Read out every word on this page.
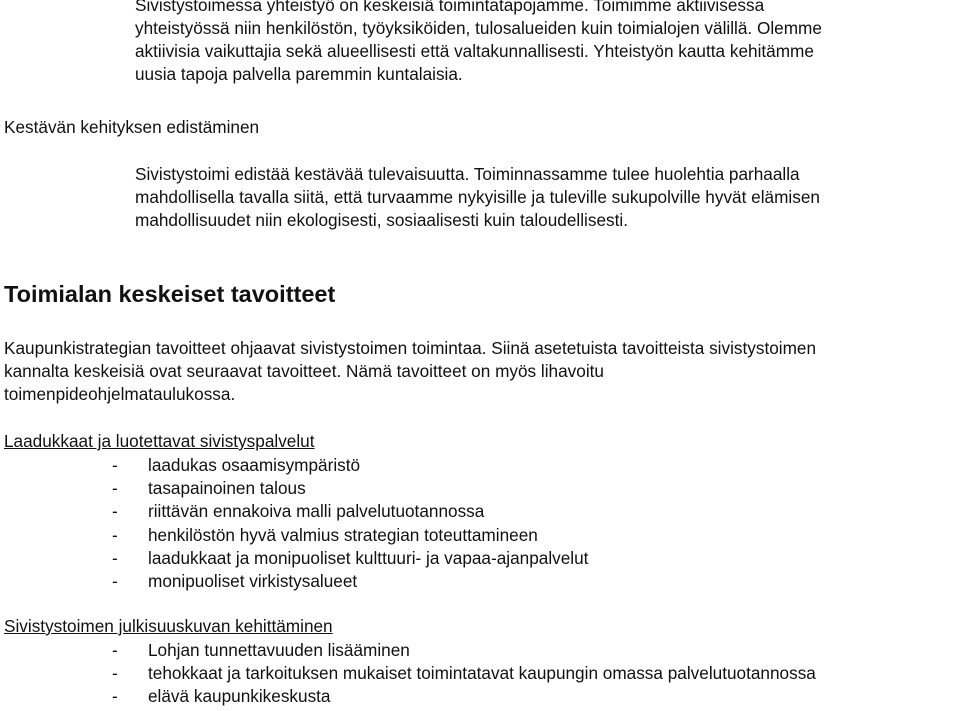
Sivistystoimessa yhteistyö on keskeisiä toimintatapojamme. Toimimme aktiivisessa
yhteistyössä niin henkilöstön, työyksiköiden, tulosalueiden kuin toimialojen välillä. Olemme
aktiivisia vaikuttajia sekä alueellisesti että valtakunnallisesti. Yhteistyön kautta kehitämme
uusia tapoja palvella paremmin kuntalaisia.
Kestävän kehityksen edistäminen
Sivistystoimi edistää kestävää tulevaisuutta. Toiminnassamme tulee huolehtia parhaalla
mahdollisella tavalla siitä, että turvaamme nykyisille ja tuleville sukupolville hyvät elämisen
mahdollisuudet niin ekologisesti, sosiaalisesti kuin taloudellisesti.
Toimialan keskeiset tavoitteet
Kaupunkistrategian tavoitteet ohjaavat sivistystoimen toimintaa. Siinä asetetuista tavoitteista sivistystoimen
kannalta keskeisiä ovat seuraavat tavoitteet. Nämä tavoitteet on myös lihavoitu
toimenpideohjelmataulukossa.
Laadukkaat ja luotettavat sivistyspalvelut
- laadukas osaamisympäristö
- tasapainoinen talous
- riittävän ennakoiva malli palvelutuotannossa
- henkilöstön hyvä valmius strategian toteuttamineen
- laadukkaat ja monipuoliset kulttuuri- ja vapaa-ajanpalvelut
- monipuoliset virkistysalueet
Sivistystoimen julkisuuskuvan kehittäminen
- Lohjan tunnettavuuden lisääminen
- tehokkaat ja tarkoituksen mukaiset toimintatavat kaupungin omassa palvelutuotannossa
- elävä kaupunkikeskusta
